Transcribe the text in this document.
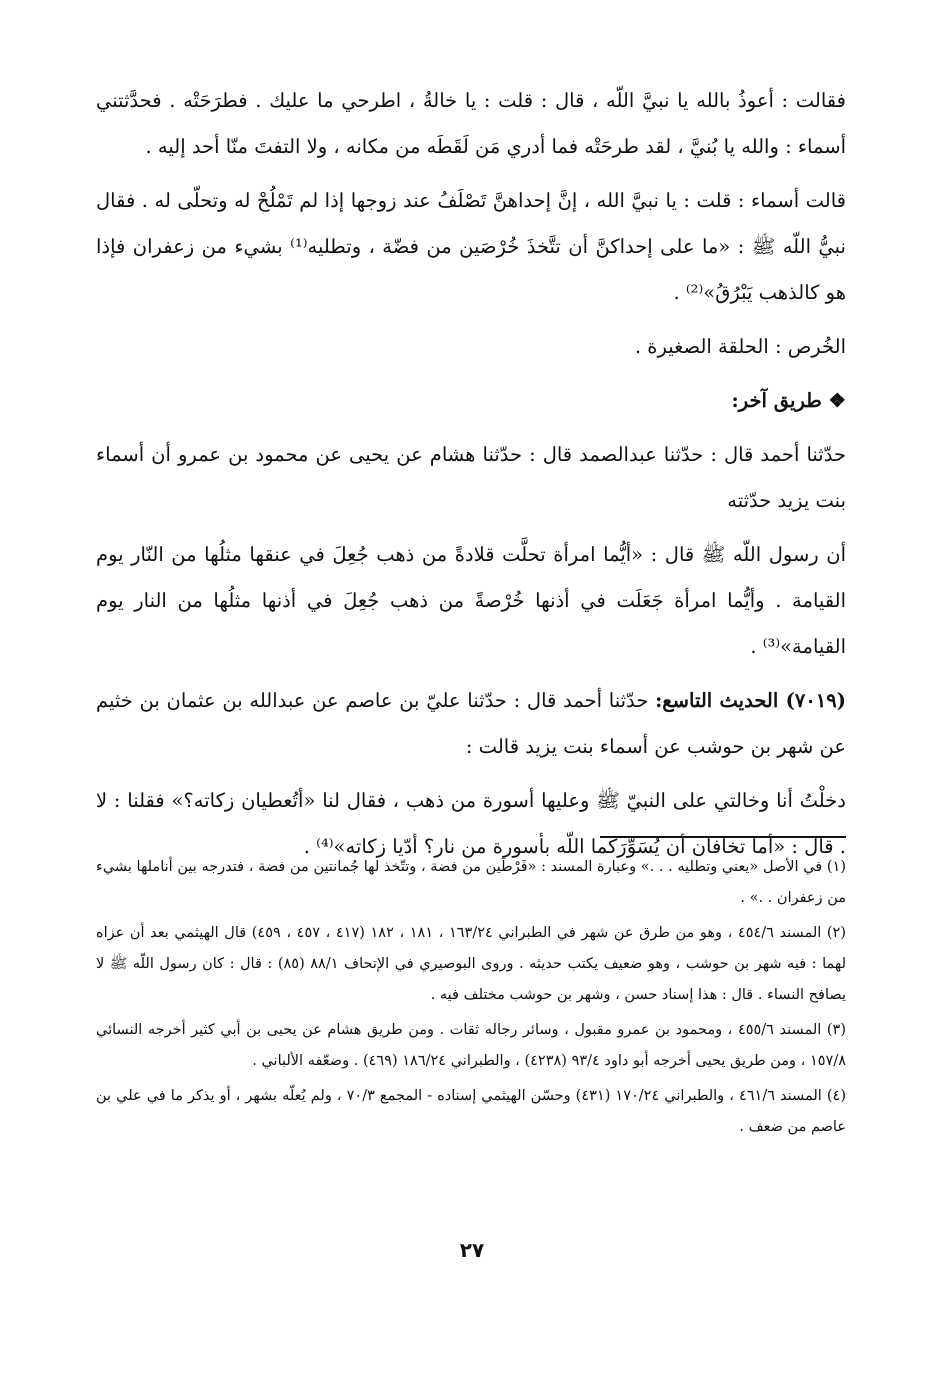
فقالت : أعوذُ بالله يا نبيَّ اللّه ، قال : قلت : يا خالةُ ، اطرحي ما عليك . فطرَحَتْه . فحدَّثتني أسماء : والله يا بُنيَّ ، لقد طرحَتْه فما أدري مَن لَقَطَه من مكانه ، ولا التفتَ منّا أحد إليه .

قالت أسماء : قلت : يا نبيَّ الله ، إنَّ إحداهنَّ تَصْلَفُ عند زوجها إذا لم تَمْلُحْ له وتحلّى له . فقال نبيُّ اللّه ﷺ : «ما على إحداكنَّ أن تتَّخذَ خُرْصَين من فضّة ، وتطليه⁽¹⁾ بشيء من زعفران فإذا هو كالذهب يَبْرُقُ»⁽²⁾ .

الخُرص : الحلقة الصغيرة .

❖ طريق آخر:

حدّثنا أحمد قال : حدّثنا عبدالصمد قال : حدّثنا هشام عن يحيى عن محمود بن عمرو أن أسماء بنت يزيد حدّثته

أن رسول اللّه ﷺ قال : «أيُّما امرأة تحلَّت قلادةً من ذهب جُعِلَ في عنقها مثلُها من النّار يوم القيامة . وأيُّما امرأة جَعَلَت في أذنها خُرْصةً من ذهب جُعِلَ في أذنها مثلُها من النار يوم القيامة»⁽³⁾ .

(٧٠١٩) الحديث التاسع: حدّثنا أحمد قال : حدّثنا عليّ بن عاصم عن عبدالله بن عثمان بن خثيم عن شهر بن حوشب عن أسماء بنت يزيد قالت :

دخلْتُ أنا وخالتي على النبيّ ﷺ وعليها أسورة من ذهب ، فقال لنا «أتُعطيان زكاته؟» فقلنا : لا . قال : «أما تخافان أن يُسَوِّرَكما اللّه بأسورة من نار؟ أدّيا زكاته»⁽⁴⁾ .

(١) في الأصل «يعني وتطليه . . .» وعبارة المسند : «فَرْطَين من فضة ، وتتّخذ لها جُمانتين من فضة ، فتدرجه بين أناملها بشيء من زعفران . .» .

(٢) المسند ٤٥٤/٦ ، وهو من طرق عن شهر في الطبراني ١٦٣/٢٤ ، ١٨١ ، ١٨٢ (٤١٧ ، ٤٥٧ ، ٤٥٩) قال الهيثمي بعد أن عزاه لهما : فيه شهر بن حوشب ، وهو ضعيف يكتب حديثه . وروى البوصيري في الإتحاف ٨٨/١ (٨٥) : قال : كان رسول اللّه ﷺ لا يصافح النساء . قال : هذا إسناد حسن ، وشهر بن حوشب مختلف فيه .

(٣) المسند ٤٥٥/٦ ، ومحمود بن عمرو مقبول ، وسائر رجاله ثقات . ومن طريق هشام عن يحيى بن أبي كثير أخرجه النسائي ١٥٧/٨ ، ومن طريق يحيى أخرجه أبو داود ٩٣/٤ (٤٢٣٨) ، والطبراني ١٨٦/٢٤ (٤٦٩) . وضعّفه الألباني .

(٤) المسند ٤٦١/٦ ، والطبراني ١٧٠/٢٤ (٤٣١) وحسّن الهيثمي إسناده - المجمع ٧٠/٣ ، ولم يُعلّه بشهر ، أو يذكر ما في علي بن عاصم من ضعف .

٢٧
